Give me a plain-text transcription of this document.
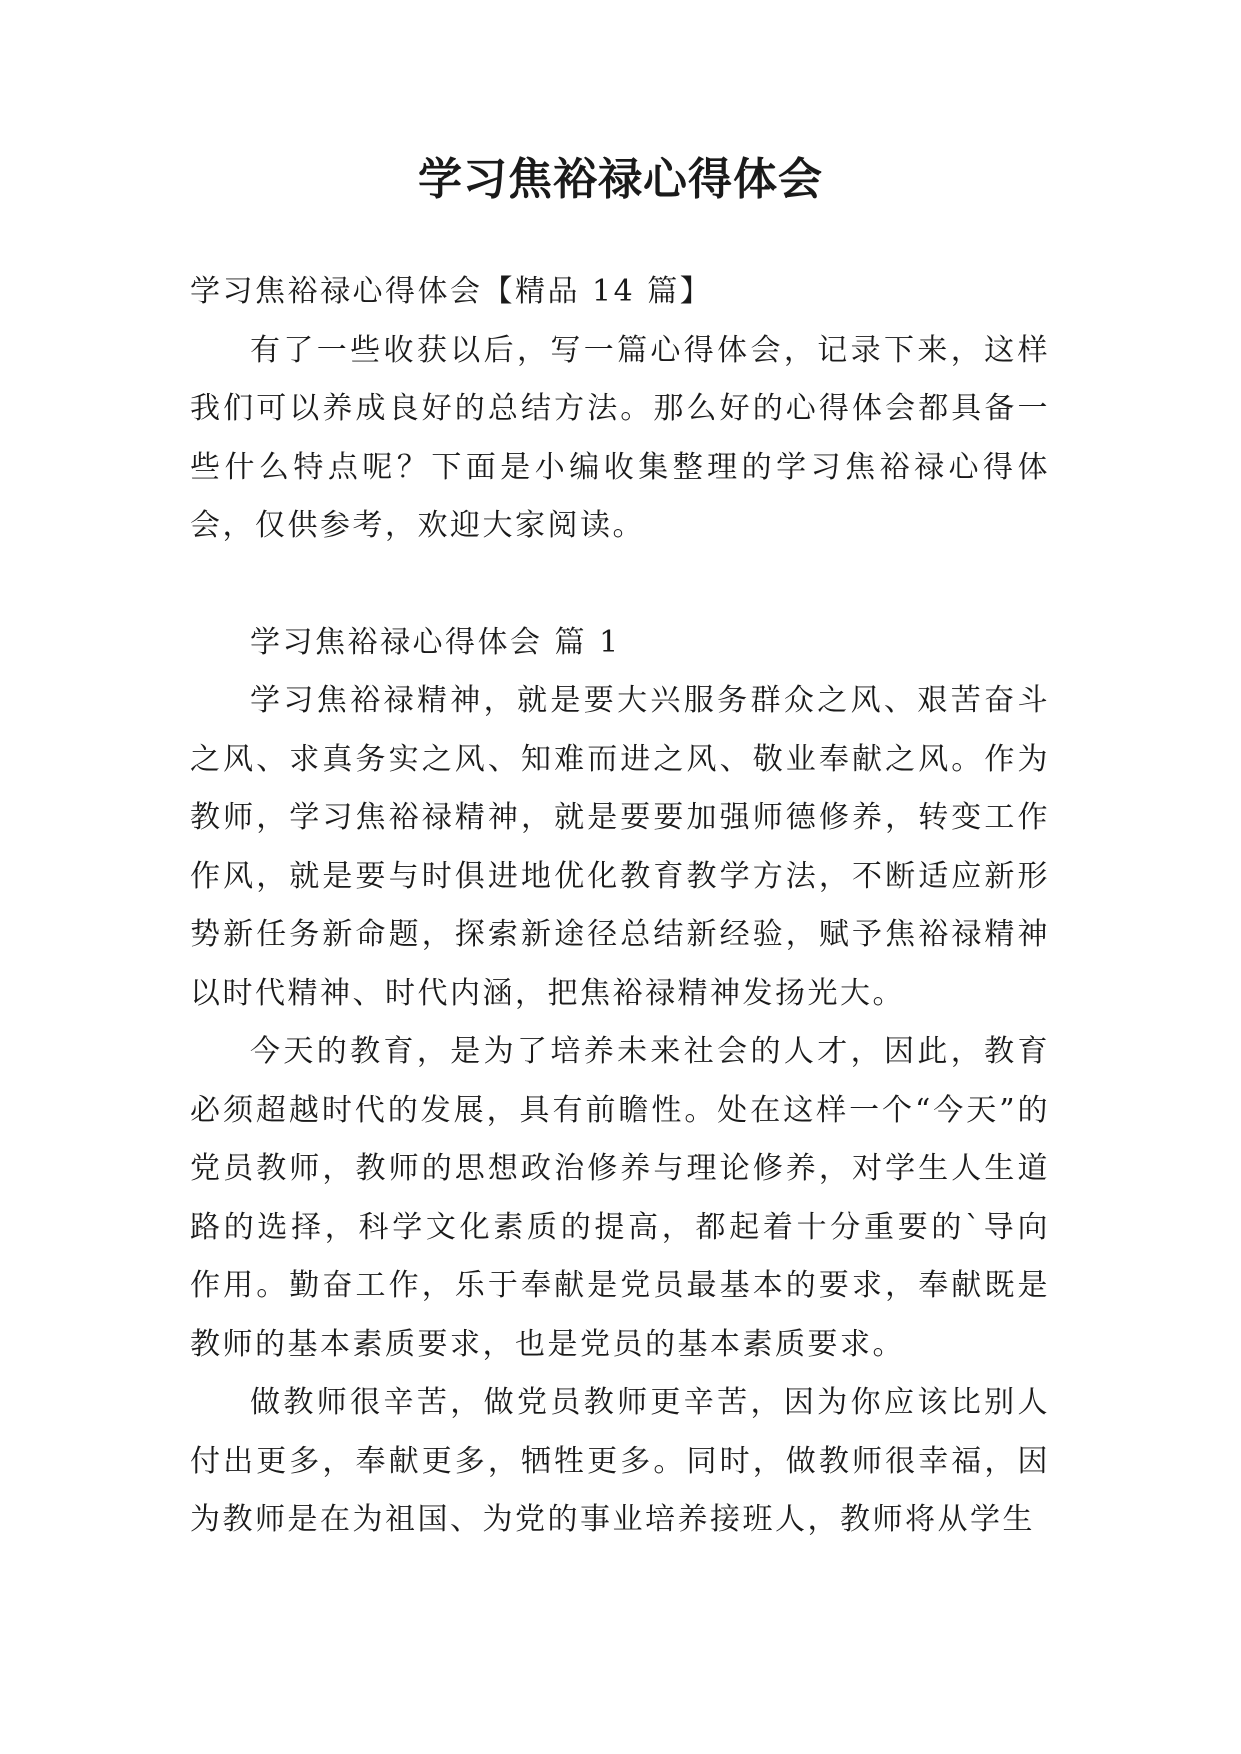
学习焦裕禄心得体会

学习焦裕禄心得体会【精品 14 篇】

有了一些收获以后，写一篇心得体会，记录下来，这样我们可以养成良好的总结方法。那么好的心得体会都具备一些什么特点呢？下面是小编收集整理的学习焦裕禄心得体会，仅供参考，欢迎大家阅读。

学习焦裕禄心得体会 篇 1

学习焦裕禄精神，就是要大兴服务群众之风、艰苦奋斗之风、求真务实之风、知难而进之风、敬业奉献之风。作为教师，学习焦裕禄精神，就是要要加强师德修养，转变工作作风，就是要与时俱进地优化教育教学方法，不断适应新形势新任务新命题，探索新途径总结新经验，赋予焦裕禄精神以时代精神、时代内涵，把焦裕禄精神发扬光大。

今天的教育，是为了培养未来社会的人才，因此，教育必须超越时代的发展，具有前瞻性。处在这样一个“今天”的党员教师，教师的思想政治修养与理论修养，对学生人生道路的选择，科学文化素质的提高，都起着十分重要的`导向作用。勤奋工作，乐于奉献是党员最基本的要求，奉献既是教师的基本素质要求，也是党员的基本素质要求。

做教师很辛苦，做党员教师更辛苦，因为你应该比别人付出更多，奉献更多，牺牲更多。同时，做教师很幸福，因为教师是在为祖国、为党的事业培养接班人，教师将从学生
